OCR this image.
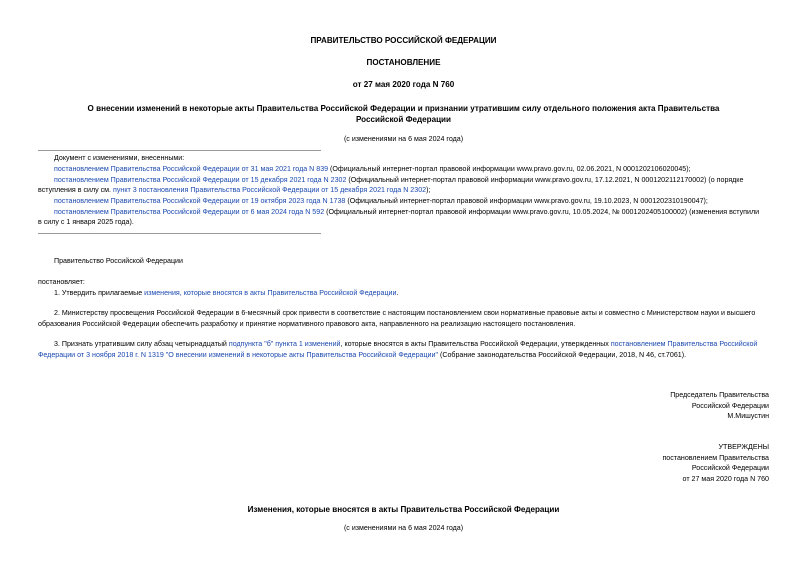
ПРАВИТЕЛЬСТВО РОССИЙСКОЙ ФЕДЕРАЦИИ
ПОСТАНОВЛЕНИЕ
от 27 мая 2020 года N 760
О внесении изменений в некоторые акты Правительства Российской Федерации и признании утратившим силу отдельного положения акта Правительства
Российской Федерации
(с изменениями на 6 мая 2024 года)
Документ с изменениями, внесенными:
постановлением Правительства Российской Федерации от 31 мая 2021 года N 839 (Официальный интернет-портал правовой информации www.pravo.gov.ru, 02.06.2021, N 0001202106020045);
постановлением Правительства Российской Федерации от 15 декабря 2021 года N 2302 (Официальный интернет-портал правовой информации www.pravo.gov.ru, 17.12.2021, N 0001202112170002) (о порядке
вступления в силу см. пункт 3 постановления Правительства Российской Федерации от 15 декабря 2021 года N 2302);
постановлением Правительства Российской Федерации от 19 октября 2023 года N 1738 (Официальный интернет-портал правовой информации www.pravo.gov.ru, 19.10.2023, N 0001202310190047);
постановлением Правительства Российской Федерации от 6 мая 2024 года N 592 (Официальный интернет-портал правовой информации www.pravo.gov.ru, 10.05.2024, № 0001202405100002) (изменения вступили
в силу с 1 января 2025 года).
Правительство Российской Федерации
постановляет:
1. Утвердить прилагаемые изменения, которые вносятся в акты Правительства Российской Федерации.
2. Министерству просвещения Российской Федерации в 6-месячный срок привести в соответствие с настоящим постановлением свои нормативные правовые акты и совместно с Министерством науки и высшего образования Российской Федерации обеспечить разработку и принятие нормативного правового акта, направленного на реализацию настоящего постановления.
3. Признать утратившим силу абзац четырнадцатый подпункта "б" пункта 1 изменений, которые вносятся в акты Правительства Российской Федерации, утвержденных постановлением Правительства Российской Федерации от 3 ноября 2018 г. N 1319 "О внесении изменений в некоторые акты Правительства Российской Федерации" (Собрание законодательства Российской Федерации, 2018, N 46, ст.7061).
Председатель Правительства
Российской Федерации
М.Мишустин
УТВЕРЖДЕНЫ
постановлением Правительства
Российской Федерации
от 27 мая 2020 года N 760
Изменения, которые вносятся в акты Правительства Российской Федерации
(с изменениями на 6 мая 2024 года)
